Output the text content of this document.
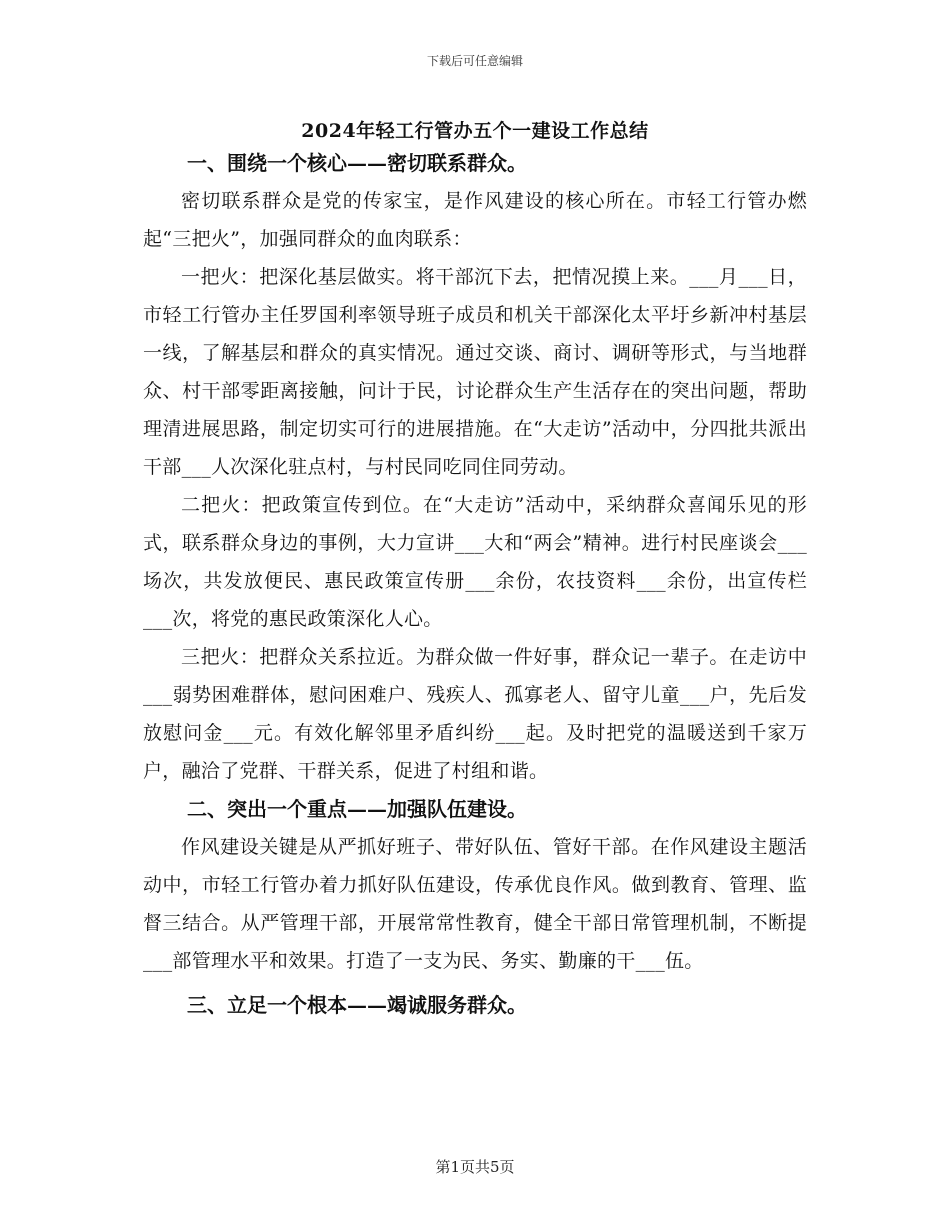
下载后可任意编辑
2024年轻工行管办五个一建设工作总结

一、围绕一个核心——密切联系群众。

密切联系群众是党的传家宝，是作风建设的核心所在。市轻工行管办燃起“三把火”，加强同群众的血肉联系：

一把火：把深化基层做实。将干部沉下去，把情况摸上来。___月___日，市轻工行管办主任罗国利率领导班子成员和机关干部深化太平圩乡新冲村基层一线，了解基层和群众的真实情况。通过交谈、商讨、调研等形式，与当地群众、村干部零距离接触，问计于民，讨论群众生产生活存在的突出问题，帮助理清进展思路，制定切实可行的进展措施。在“大走访”活动中，分四批共派出干部___人次深化驻点村，与村民同吃同住同劳动。

二把火：把政策宣传到位。在“大走访”活动中，采纳群众喜闻乐见的形式，联系群众身边的事例，大力宣讲___大和“两会”精神。进行村民座谈会___场次，共发放便民、惠民政策宣传册___余份，农技资料___余份，出宣传栏___次，将党的惠民政策深化人心。

三把火：把群众关系拉近。为群众做一件好事，群众记一辈子。在走访中___弱势困难群体，慰问困难户、残疾人、孤寡老人、留守儿童___户，先后发放慰问金___元。有效化解邻里矛盾纠纷___起。及时把党的温暖送到千家万户，融洽了党群、干群关系，促进了村组和谐。

二、突出一个重点——加强队伍建设。

作风建设关键是从严抓好班子、带好队伍、管好干部。在作风建设主题活动中，市轻工行管办着力抓好队伍建设，传承优良作风。做到教育、管理、监督三结合。从严管理干部，开展常常性教育，健全干部日常管理机制，不断提___部管理水平和效果。打造了一支为民、务实、勤廉的干___伍。

三、立足一个根本——竭诚服务群众。

第1页共5页
